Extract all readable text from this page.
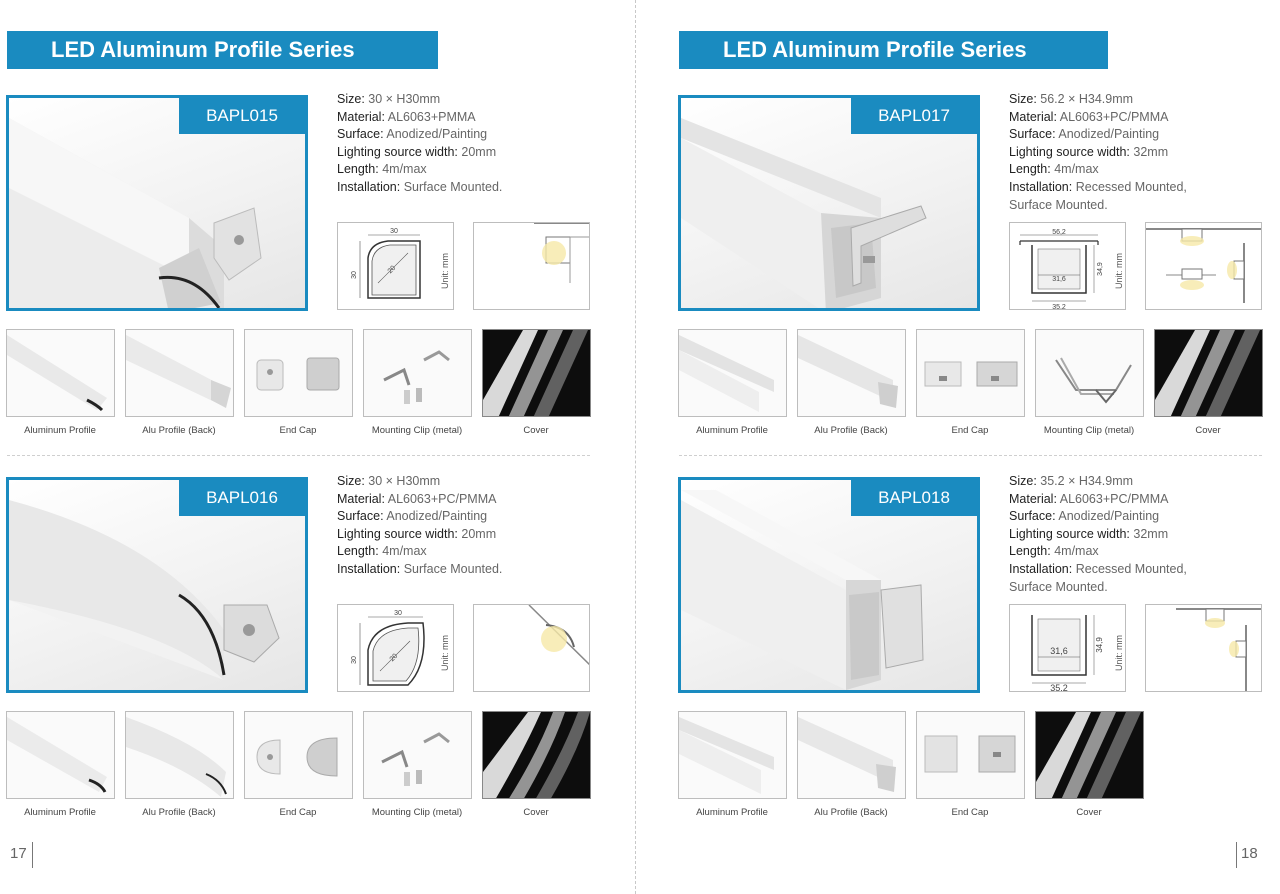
LED Aluminum Profile Series	LED Aluminum Profile Series
BAPL015
Size: 30 × H30mm
Material: AL6063+PMMA
Surface: Anodized/Painting
Lighting source width: 20mm
Length: 4m/max
Installation: Surface Mounted.
30
30	20	Unit: mm
Aluminum Profile	Alu Profile (Back)	End Cap	Mounting Clip (metal)	Cover
BAPL016
Size: 30 × H30mm
Material: AL6063+PC/PMMA
Surface: Anodized/Painting
Lighting source width: 20mm
Length: 4m/max
Installation: Surface Mounted.
30
30	20	Unit: mm
Aluminum Profile	Alu Profile (Back)	End Cap	Mounting Clip (metal)	Cover
BAPL017
Size: 56.2 × H34.9mm
Material: AL6063+PC/PMMA
Surface: Anodized/Painting
Lighting source width: 32mm
Length: 4m/max
Installation: Recessed Mounted,
Surface Mounted.
56,2
31,6
34,9
35,2
Unit: mm
Aluminum Profile	Alu Profile (Back)	End Cap	Mounting Clip (metal)	Cover
BAPL018
Size: 35.2 × H34.9mm
Material: AL6063+PC/PMMA
Surface: Anodized/Painting
Lighting source width: 32mm
Length: 4m/max
Installation: Recessed Mounted,
Surface Mounted.
31,6	34,9
35,2
Unit: mm
Aluminum Profile	Alu Profile (Back)	End Cap	Cover
17	18
